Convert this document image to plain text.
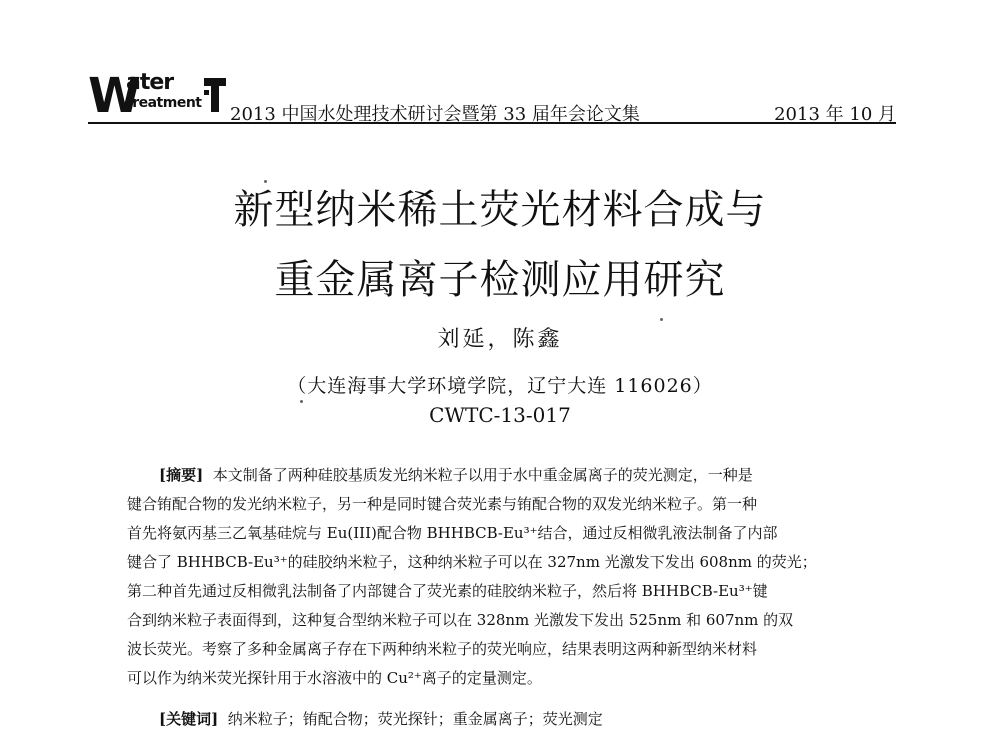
W
ater
treatment
2013 中国水处理技术研讨会暨第 33 届年会论文集	2013 年 10 月
新型纳米稀土荧光材料合成与
重金属离子检测应用研究
刘延，陈鑫
（大连海事大学环境学院，辽宁大连 116026）
CWTC-13-017
[摘要] 本文制备了两种硅胶基质发光纳米粒子以用于水中重金属离子的荧光测定，一种是
键合铕配合物的发光纳米粒子，另一种是同时键合荧光素与铕配合物的双发光纳米粒子。第一种
首先将氨丙基三乙氧基硅烷与 Eu(III)配合物 BHHBCB-Eu³⁺结合，通过反相微乳液法制备了内部
键合了 BHHBCB-Eu³⁺的硅胶纳米粒子，这种纳米粒子可以在 327nm 光激发下发出 608nm 的荧光；
第二种首先通过反相微乳法制备了内部键合了荧光素的硅胶纳米粒子，然后将 BHHBCB-Eu³⁺键
合到纳米粒子表面得到，这种复合型纳米粒子可以在 328nm 光激发下发出 525nm 和 607nm 的双
波长荧光。考察了多种金属离子存在下两种纳米粒子的荧光响应，结果表明这两种新型纳米材料
可以作为纳米荧光探针用于水溶液中的 Cu²⁺离子的定量测定。
[关键词] 纳米粒子；铕配合物；荧光探针；重金属离子；荧光测定
